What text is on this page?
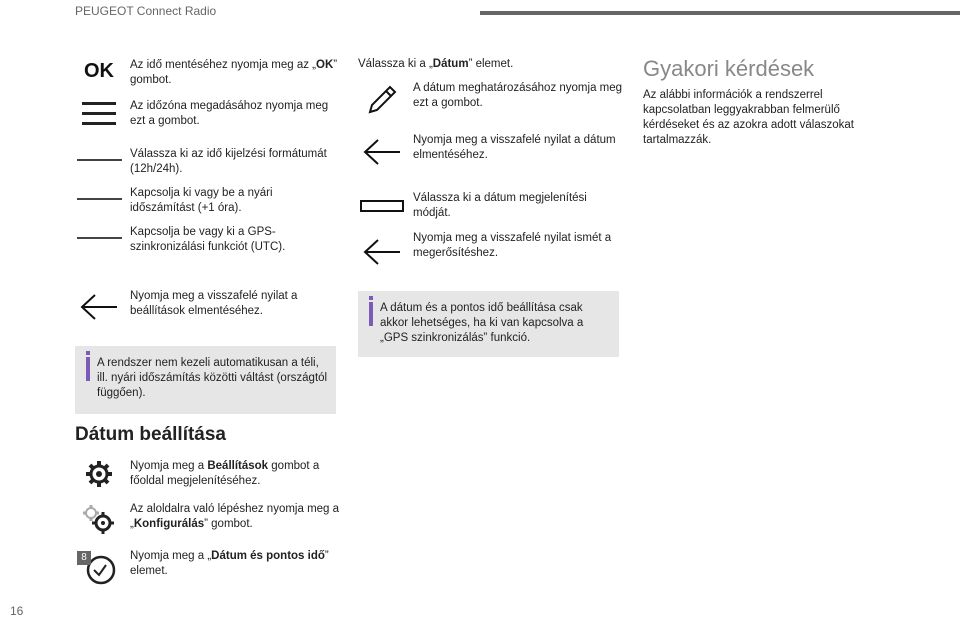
PEUGEOT Connect Radio
OK Az idő mentéséhez nyomja meg az „OK” gombot.
Az időzóna megadásához nyomja meg ezt a gombot.
Válassza ki az idő kijelzési formátumát (12h/24h).
Kapcsolja ki vagy be a nyári időszámítást (+1 óra).
Kapcsolja be vagy ki a GPS-szinkronizálási funkciót (UTC).
Nyomja meg a visszafelé nyilat a beállítások elmentéséhez.
A rendszer nem kezeli automatikusan a téli, ill. nyári időszámítás közötti váltást (országtól függően).
Dátum beállítása
Nyomja meg a Beállítások gombot a főoldal megjelenítéséhez.
Az aloldalra való lépéshez nyomja meg a „Konfigurálás” gombot.
8	Nyomja meg a „Dátum és pontos idő” elemet.
Válassza ki a „Dátum” elemet.
A dátum meghatározásához nyomja meg ezt a gombot.
Nyomja meg a visszafelé nyilat a dátum elmentéséhez.
Válassza ki a dátum megjelenítési módját.
Nyomja meg a visszafelé nyilat ismét a megerősítéshez.
A dátum és a pontos idő beállítása csak akkor lehetséges, ha ki van kapcsolva a „GPS szinkronizálás” funkció.
Gyakori kérdések
Az alábbi információk a rendszerrel kapcsolatban leggyakrabban felmerülő kérdéseket és az azokra adott válaszokat tartalmazzák.
16
